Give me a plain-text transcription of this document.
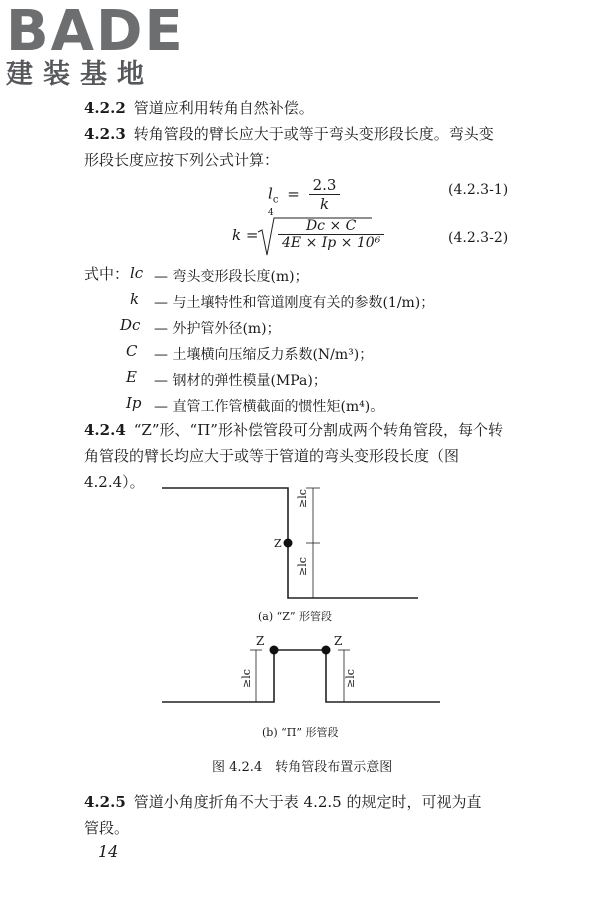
BADE
建装基地
4.2.2 管道应利用转角自然补偿。
4.2.3 转角管段的臂长应大于或等于弯头变形段长度。弯头变
形段长度应按下列公式计算：
$l_c = \frac{2.3}{k}$	(4.2.3-1)
k =
4
$\frac{Dc \times C}{\text{4E × Ip × 10⁶}}$	(4.2.3-2)
式中： lc — 弯头变形段长度(m)；
k — 与土壤特性和管道刚度有关的参数(1/m)；
Dc — 外护管外径(m)；
C — 土壤横向压缩反力系数(N/m³)；
E — 钢材的弹性模量(MPa)；
Ip — 直管工作管横截面的惯性矩(m⁴)。
4.2.4 “Z”形、“Π”形补偿管段可分割成两个转角管段，每个转
角管段的臂长均应大于或等于管道的弯头变形段长度（图
4.2.4）。
Z
≥lc
≥lc
(a) “Z” 形管段
Z	Z
≥lc	≥lc
(b) “Π” 形管段
图 4.2.4　转角管段布置示意图
4.2.5 管道小角度折角不大于表 4.2.5 的规定时，可视为直
管段。
14
